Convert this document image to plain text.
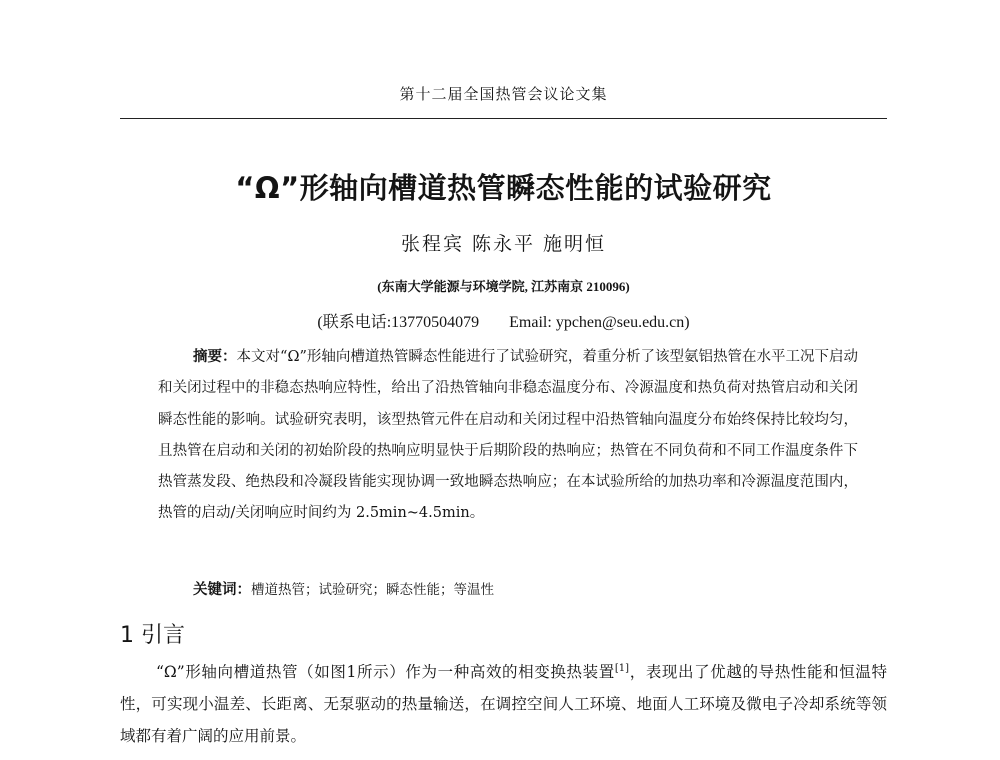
第十二届全国热管会议论文集
“Ω”形轴向槽道热管瞬态性能的试验研究
张程宾 陈永平 施明恒
(东南大学能源与环境学院, 江苏南京 210096)
(联系电话:13770504079 Email: ypchen@seu.edu.cn)
摘要：本文对“Ω”形轴向槽道热管瞬态性能进行了试验研究，着重分析了该型氨铝热管在水平工况下启动和关闭过程中的非稳态热响应特性，给出了沿热管轴向非稳态温度分布、冷源温度和热负荷对热管启动和关闭瞬态性能的影响。试验研究表明，该型热管元件在启动和关闭过程中沿热管轴向温度分布始终保持比较均匀，且热管在启动和关闭的初始阶段的热响应明显快于后期阶段的热响应；热管在不同负荷和不同工作温度条件下热管蒸发段、绝热段和冷凝段皆能实现协调一致地瞬态热响应；在本试验所给的加热功率和冷源温度范围内，热管的启动/关闭响应时间约为 2.5min~4.5min。
关键词：槽道热管；试验研究；瞬态性能；等温性
1 引言
“Ω”形轴向槽道热管（如图1所示）作为一种高效的相变换热装置[1]，表现出了优越的导热性能和恒温特性，可实现小温差、长距离、无泵驱动的热量输送，在调控空间人工环境、地面人工环境及微电子冷却系统等领域都有着广阔的应用前景。
